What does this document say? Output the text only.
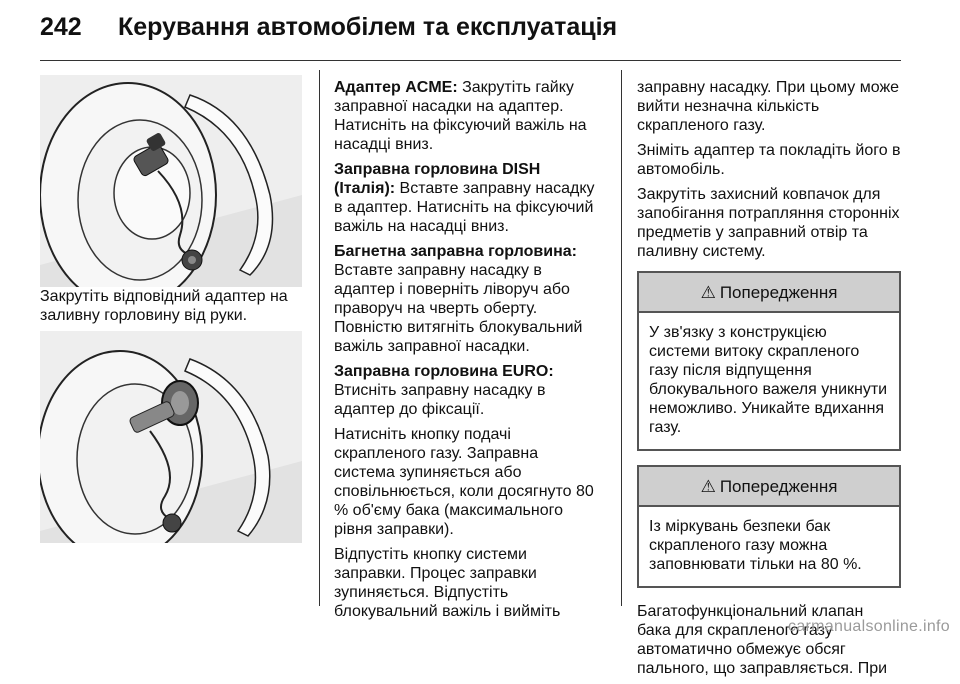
242	Керування автомобілем та експлуатація

Закрутіть відповідний адаптер на заливну горловину від руки.

Адаптер ACME: Закрутіть гайку заправної насадки на адаптер. Натисніть на фіксуючий важіль на насадці вниз.

Заправна горловина DISH (Італія): Вставте заправну насадку в адаптер. Натисніть на фіксуючий важіль на насадці вниз.

Багнетна заправна горловина: Вставте заправну насадку в адаптер і поверніть ліворуч або праворуч на чверть оберту. Повністю витягніть блокувальний важіль заправної насадки.

Заправна горловина EURO: Втисніть заправну насадку в адаптер до фіксації.

Натисніть кнопку подачі скрапленого газу. Заправна система зупиняється або сповільнюється, коли досягнуто 80 % об'єму бака (максимального рівня заправки).

Відпустіть кнопку системи заправки. Процес заправки зупиняється. Відпустіть блокувальний важіль і вийміть

заправну насадку. При цьому може вийти незначна кількість скрапленого газу.

Зніміть адаптер та покладіть його в автомобіль.

Закрутіть захисний ковпачок для запобігання потрапляння сторонніх предметів у заправний отвір та паливну систему.

⚠ Попередження
У зв'язку з конструкцією системи витоку скрапленого газу після відпущення блокувального важеля уникнути неможливо. Уникайте вдихання газу.
⚠ Попередження
Із міркувань безпеки бак скрапленого газу можна заповнювати тільки на 80 %.

Багатофункціональний клапан бака для скрапленого газу автоматично обмежує обсяг пального, що заправляється. При

carmanualsonline.info
